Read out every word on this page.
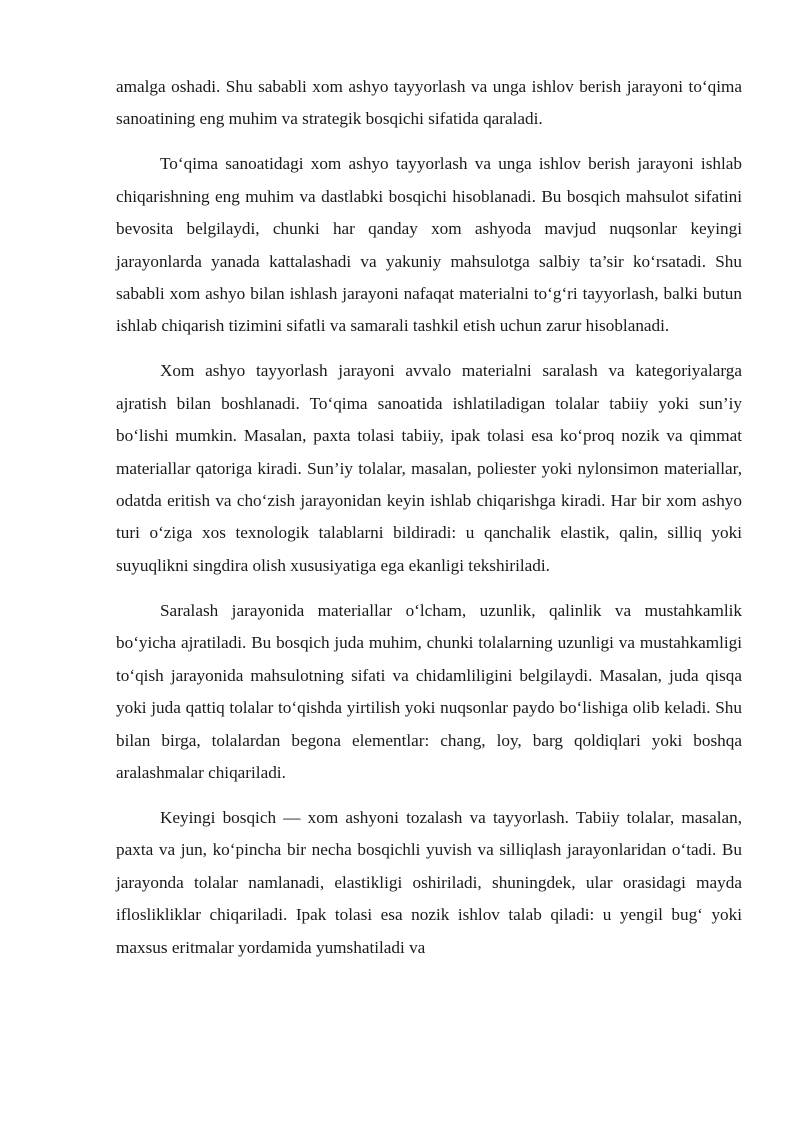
amalga oshadi. Shu sababli xom ashyo tayyorlash va unga ishlov berish jarayoni to‘qima sanoatining eng muhim va strategik bosqichi sifatida qaraladi.

To‘qima sanoatidagi xom ashyo tayyorlash va unga ishlov berish jarayoni ishlab chiqarishning eng muhim va dastlabki bosqichi hisoblanadi. Bu bosqich mahsulot sifatini bevosita belgilaydi, chunki har qanday xom ashyoda mavjud nuqsonlar keyingi jarayonlarda yanada kattalashadi va yakuniy mahsulotga salbiy ta’sir ko‘rsatadi. Shu sababli xom ashyo bilan ishlash jarayoni nafaqat materialni to‘g‘ri tayyorlash, balki butun ishlab chiqarish tizimini sifatli va samarali tashkil etish uchun zarur hisoblanadi.

Xom ashyo tayyorlash jarayoni avvalo materialni saralash va kategoriyalarga ajratish bilan boshlanadi. To‘qima sanoatida ishlatiladigan tolalar tabiiy yoki sun’iy bo‘lishi mumkin. Masalan, paxta tolasi tabiiy, ipak tolasi esa ko‘proq nozik va qimmat materiallar qatoriga kiradi. Sun’iy tolalar, masalan, poliester yoki nylonsimon materiallar, odatda eritish va cho‘zish jarayonidan keyin ishlab chiqarishga kiradi. Har bir xom ashyo turi o‘ziga xos texnologik talablarni bildiradi: u qanchalik elastik, qalin, silliq yoki suyuqlikni singdira olish xususiyatiga ega ekanligi tekshiriladi.

Saralash jarayonida materiallar o‘lcham, uzunlik, qalinlik va mustahkamlik bo‘yicha ajratiladi. Bu bosqich juda muhim, chunki tolalarning uzunligi va mustahkamligi to‘qish jarayonida mahsulotning sifati va chidamliligini belgilaydi. Masalan, juda qisqa yoki juda qattiq tolalar to‘qishda yirtilish yoki nuqsonlar paydo bo‘lishiga olib keladi. Shu bilan birga, tolalardan begona elementlar: chang, loy, barg qoldiqlari yoki boshqa aralashmalar chiqariladi.

Keyingi bosqich — xom ashyoni tozalash va tayyorlash. Tabiiy tolalar, masalan, paxta va jun, ko‘pincha bir necha bosqichli yuvish va silliqlash jarayonlaridan o‘tadi. Bu jarayonda tolalar namlanadi, elastikligi oshiriladi, shuningdek, ular orasidagi mayda ifloslikliklar chiqariladi. Ipak tolasi esa nozik ishlov talab qiladi: u yengil bug‘ yoki maxsus eritmalar yordamida yumshatiladi va
